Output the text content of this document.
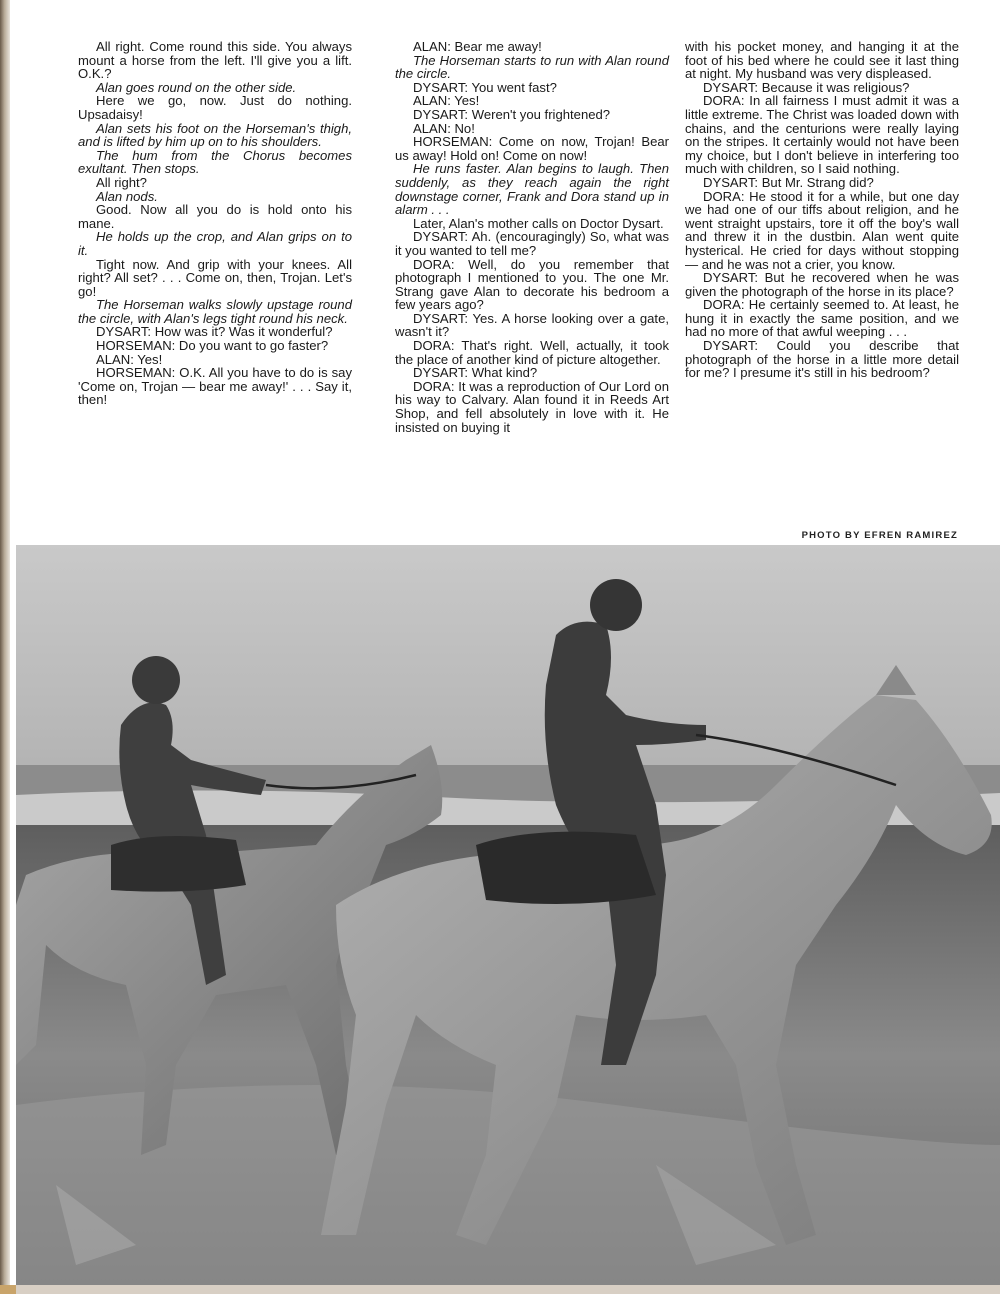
All right. Come round this side. You always mount a horse from the left. I'll give you a lift. O.K.?

Alan goes round on the other side.

Here we go, now. Just do nothing. Upsadaisy!

Alan sets his foot on the Horseman's thigh, and is lifted by him up on to his shoulders.

The hum from the Chorus becomes exultant. Then stops.

All right?

Alan nods.

Good. Now all you do is hold onto his mane.

He holds up the crop, and Alan grips on to it.

Tight now. And grip with your knees. All right? All set? . . . Come on, then, Trojan. Let's go!

The Horseman walks slowly upstage round the circle, with Alan's legs tight round his neck.

DYSART: How was it? Was it wonderful?

HORSEMAN: Do you want to go faster?

ALAN: Yes!

HORSEMAN: O.K. All you have to do is say 'Come on, Trojan — bear me away!' . . . Say it, then!

ALAN: Bear me away!

The Horseman starts to run with Alan round the circle.

DYSART: You went fast?

ALAN: Yes!

DYSART: Weren't you frightened?

ALAN: No!

HORSEMAN: Come on now, Trojan! Bear us away! Hold on! Come on now!

He runs faster. Alan begins to laugh. Then suddenly, as they reach again the right downstage corner, Frank and Dora stand up in alarm . . .

Later, Alan's mother calls on Doctor Dysart.

DYSART: Ah. (encouragingly) So, what was it you wanted to tell me?

DORA: Well, do you remember that photograph I mentioned to you. The one Mr. Strang gave Alan to decorate his bedroom a few years ago?

DYSART: Yes. A horse looking over a gate, wasn't it?

DORA: That's right. Well, actually, it took the place of another kind of picture altogether.

DYSART: What kind?

DORA: It was a reproduction of Our Lord on his way to Calvary. Alan found it in Reeds Art Shop, and fell absolutely in love with it. He insisted on buying it

with his pocket money, and hanging it at the foot of his bed where he could see it last thing at night. My husband was very displeased.

DYSART: Because it was religious?

DORA: In all fairness I must admit it was a little extreme. The Christ was loaded down with chains, and the centurions were really laying on the stripes. It certainly would not have been my choice, but I don't believe in interfering too much with children, so I said nothing.

DYSART: But Mr. Strang did?

DORA: He stood it for a while, but one day we had one of our tiffs about religion, and he went straight upstairs, tore it off the boy's wall and threw it in the dustbin. Alan went quite hysterical. He cried for days without stopping — and he was not a crier, you know.

DYSART: But he recovered when he was given the photograph of the horse in its place?

DORA: He certainly seemed to. At least, he hung it in exactly the same position, and we had no more of that awful weeping . . .

DYSART: Could you describe that photograph of the horse in a little more detail for me? I presume it's still in his bedroom?

PHOTO BY EFREN RAMIREZ
